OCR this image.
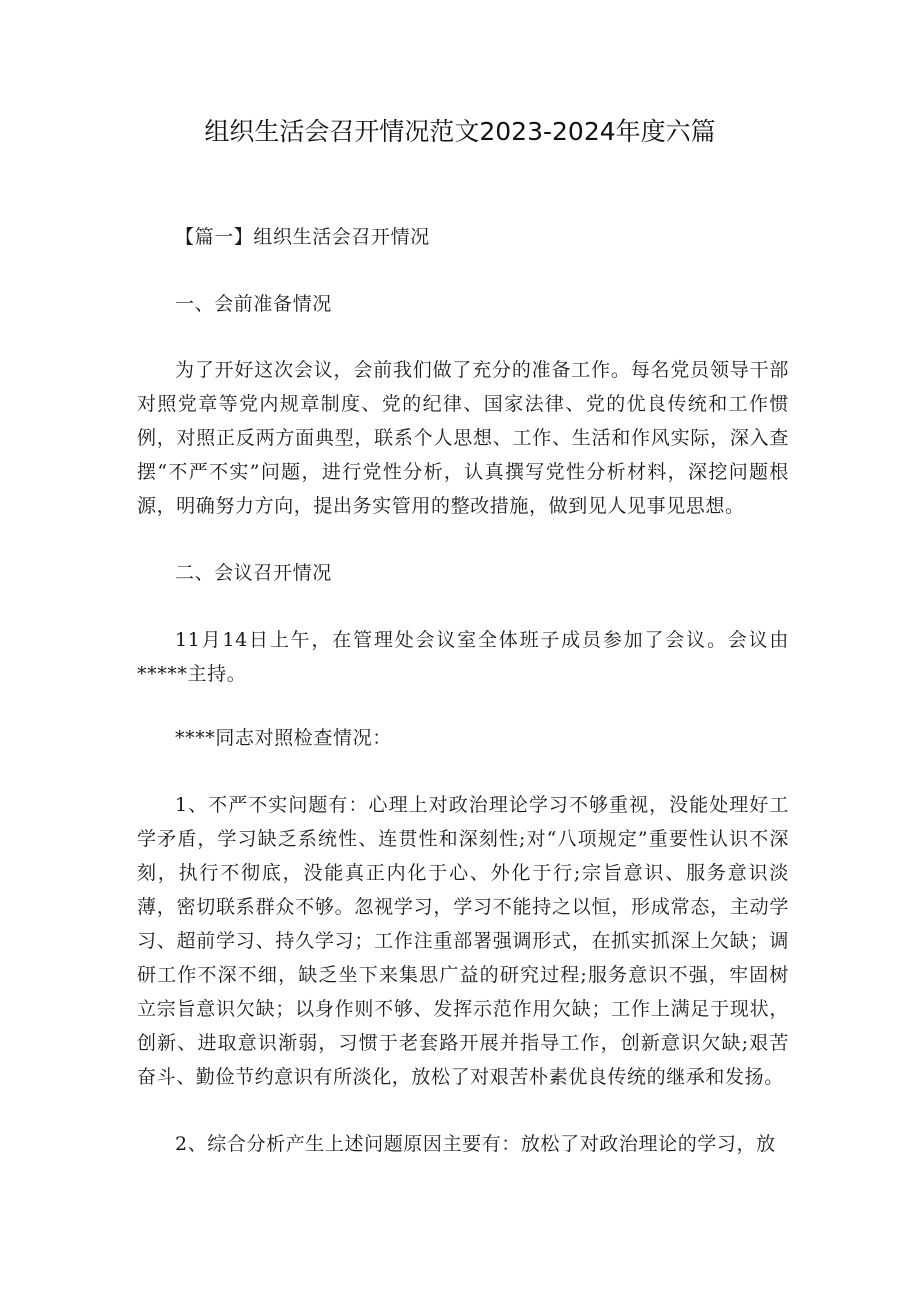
组织生活会召开情况范文2023-2024年度六篇

【篇一】组织生活会召开情况

一、会前准备情况

为了开好这次会议，会前我们做了充分的准备工作。每名党员领导干部对照党章等党内规章制度、党的纪律、国家法律、党的优良传统和工作惯例，对照正反两方面典型，联系个人思想、工作、生活和作风实际，深入查摆“不严不实”问题，进行党性分析，认真撰写党性分析材料，深挖问题根源，明确努力方向，提出务实管用的整改措施，做到见人见事见思想。

二、会议召开情况

11月14日上午，在管理处会议室全体班子成员参加了会议。会议由*****主持。

****同志对照检查情况：

1、不严不实问题有：心理上对政治理论学习不够重视，没能处理好工学矛盾，学习缺乏系统性、连贯性和深刻性;对“八项规定”重要性认识不深刻，执行不彻底，没能真正内化于心、外化于行;宗旨意识、服务意识淡薄，密切联系群众不够。忽视学习，学习不能持之以恒，形成常态，主动学习、超前学习、持久学习；工作注重部署强调形式，在抓实抓深上欠缺；调研工作不深不细，缺乏坐下来集思广益的研究过程;服务意识不强，牢固树立宗旨意识欠缺；以身作则不够、发挥示范作用欠缺；工作上满足于现状，创新、进取意识渐弱，习惯于老套路开展并指导工作，创新意识欠缺;艰苦奋斗、勤俭节约意识有所淡化，放松了对艰苦朴素优良传统的继承和发扬。

2、综合分析产生上述问题原因主要有：放松了对政治理论的学习，放
